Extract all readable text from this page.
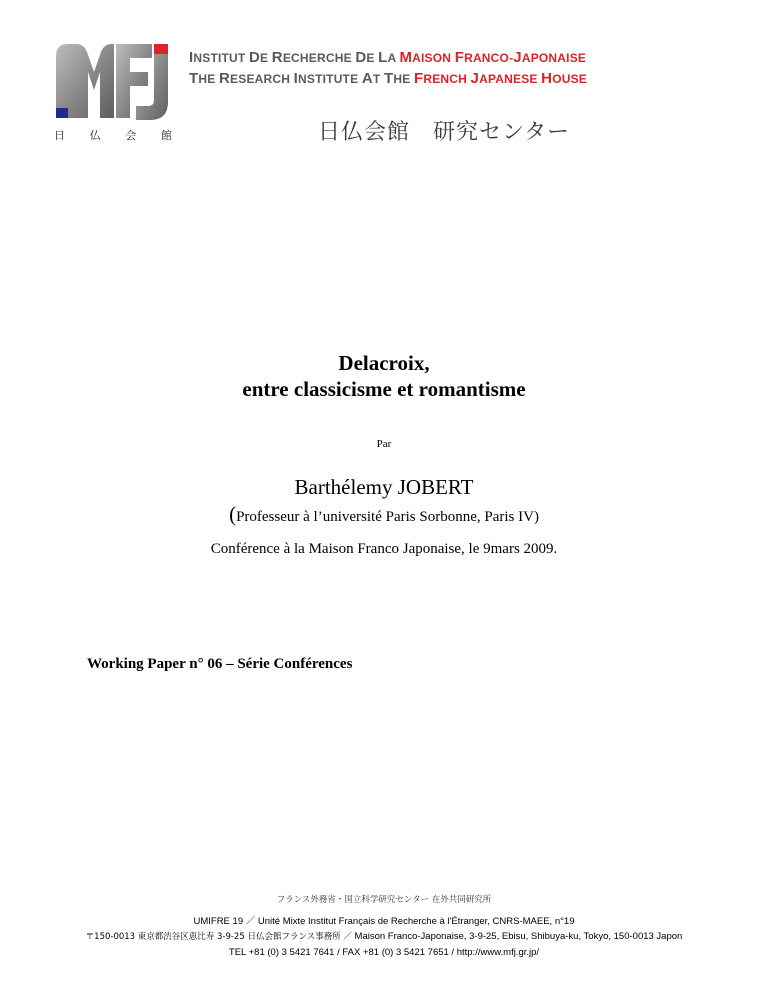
日 仏 会 館
INSTITUT DE RECHERCHE DE LA MAISON FRANCO-JAPONAISE
THE RESEARCH INSTITUTE AT THE FRENCH JAPANESE HOUSE
日仏会館　研究センター
Delacroix,
entre classicisme et romantisme
Par
Barthélemy JOBERT
(Professeur à l’université Paris Sorbonne, Paris IV)
Conférence à la Maison Franco Japonaise, le 9mars 2009.
Working Paper n° 06 – Série Conférences
フランス外務省・国立科学研究センター 在外共同研究所
UMIFRE 19 ／ Unité Mixte Institut Français de Recherche à l'Étranger, CNRS-MAEE, n°19
〒150-0013 東京都渋谷区恵比寿 3-9-25 日仏会館フランス事務所 ／ Maison Franco-Japonaise, 3-9-25, Ebisu, Shibuya-ku, Tokyo, 150-0013 Japon
TEL +81 (0) 3 5421 7641 / FAX +81 (0) 3 5421 7651 / http://www.mfj.gr.jp/
